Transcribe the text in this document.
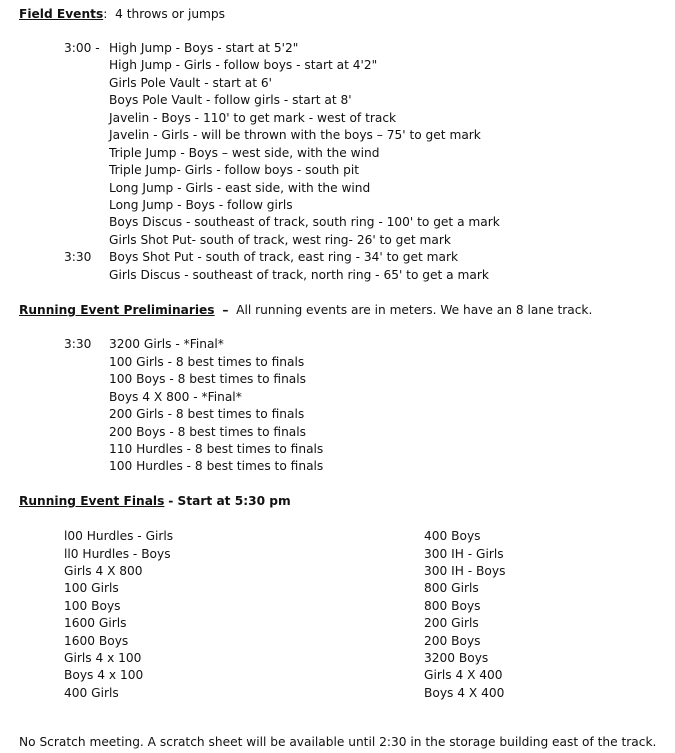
Field Events: 4 throws or jumps
3:00 - High Jump - Boys - start at 5'2"
High Jump - Girls - follow boys - start at 4'2"
Girls Pole Vault - start at 6'
Boys Pole Vault - follow girls - start at 8'
Javelin - Boys - 110' to get mark - west of track
Javelin - Girls - will be thrown with the boys – 75' to get mark
Triple Jump - Boys – west side, with the wind
Triple Jump- Girls - follow boys - south pit
Long Jump - Girls - east side, with the wind
Long Jump - Boys - follow girls
Boys Discus - southeast of track, south ring - 100' to get a mark
Girls Shot Put- south of track, west ring- 26' to get mark
3:30 Boys Shot Put - south of track, east ring - 34' to get mark
Girls Discus - southeast of track, north ring - 65' to get a mark
Running Event Preliminaries – All running events are in meters. We have an 8 lane track.
3:30 3200 Girls - *Final*
100 Girls - 8 best times to finals
100 Boys - 8 best times to finals
Boys 4 X 800 - *Final*
200 Girls - 8 best times to finals
200 Boys - 8 best times to finals
110 Hurdles - 8 best times to finals
100 Hurdles - 8 best times to finals
Running Event Finals - Start at 5:30 pm
l00 Hurdles - Girls	400 Boys
ll0 Hurdles - Boys	300 IH - Girls
Girls 4 X 800	300 IH - Boys
100 Girls	800 Girls
100 Boys	800 Boys
1600 Girls	200 Girls
1600 Boys	200 Boys
Girls 4 x 100	3200 Boys
Boys 4 x 100	Girls 4 X 400
400 Girls	Boys 4 X 400
No Scratch meeting. A scratch sheet will be available until 2:30 in the storage building east of the track.
